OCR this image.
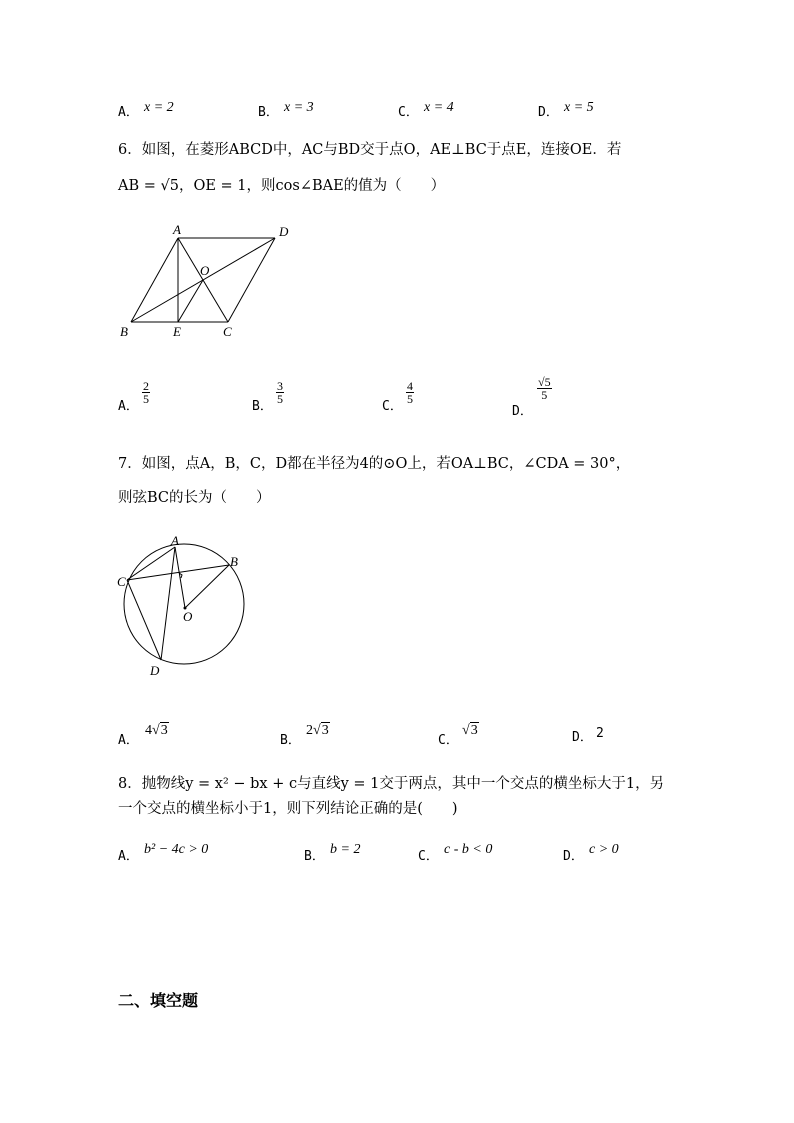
A． x = 2	B． x = 3	C． x = 4	D． x = 5
6．如图，在菱形ABCD中，AC与BD交于点O，AE⊥BC于点E，连接OE．若
AB = √5，OE = 1，则cos∠BAE的值为（　　）
A	D
O
B	E	C
A．
$\frac{2}{5}$
B．
$\frac{3}{5}$
C．
$\frac{4}{5}$
D．
$\frac{√5}{5}$
7．如图，点A，B，C，D都在半径为4的⊙O上，若OA⊥BC，∠CDA = 30°，
则弦BC的长为（　　）
A
B
C
O
D
A．
4√3
B．
2√3
C．
√3	D． 2
8．抛物线y = x² − bx + c与直线y = 1交于两点，其中一个交点的横坐标大于1，另
一个交点的横坐标小于1，则下列结论正确的是(　　)
A． b² − 4c > 0	B． b = 2	C． c - b < 0	D． c > 0
二、填空题
